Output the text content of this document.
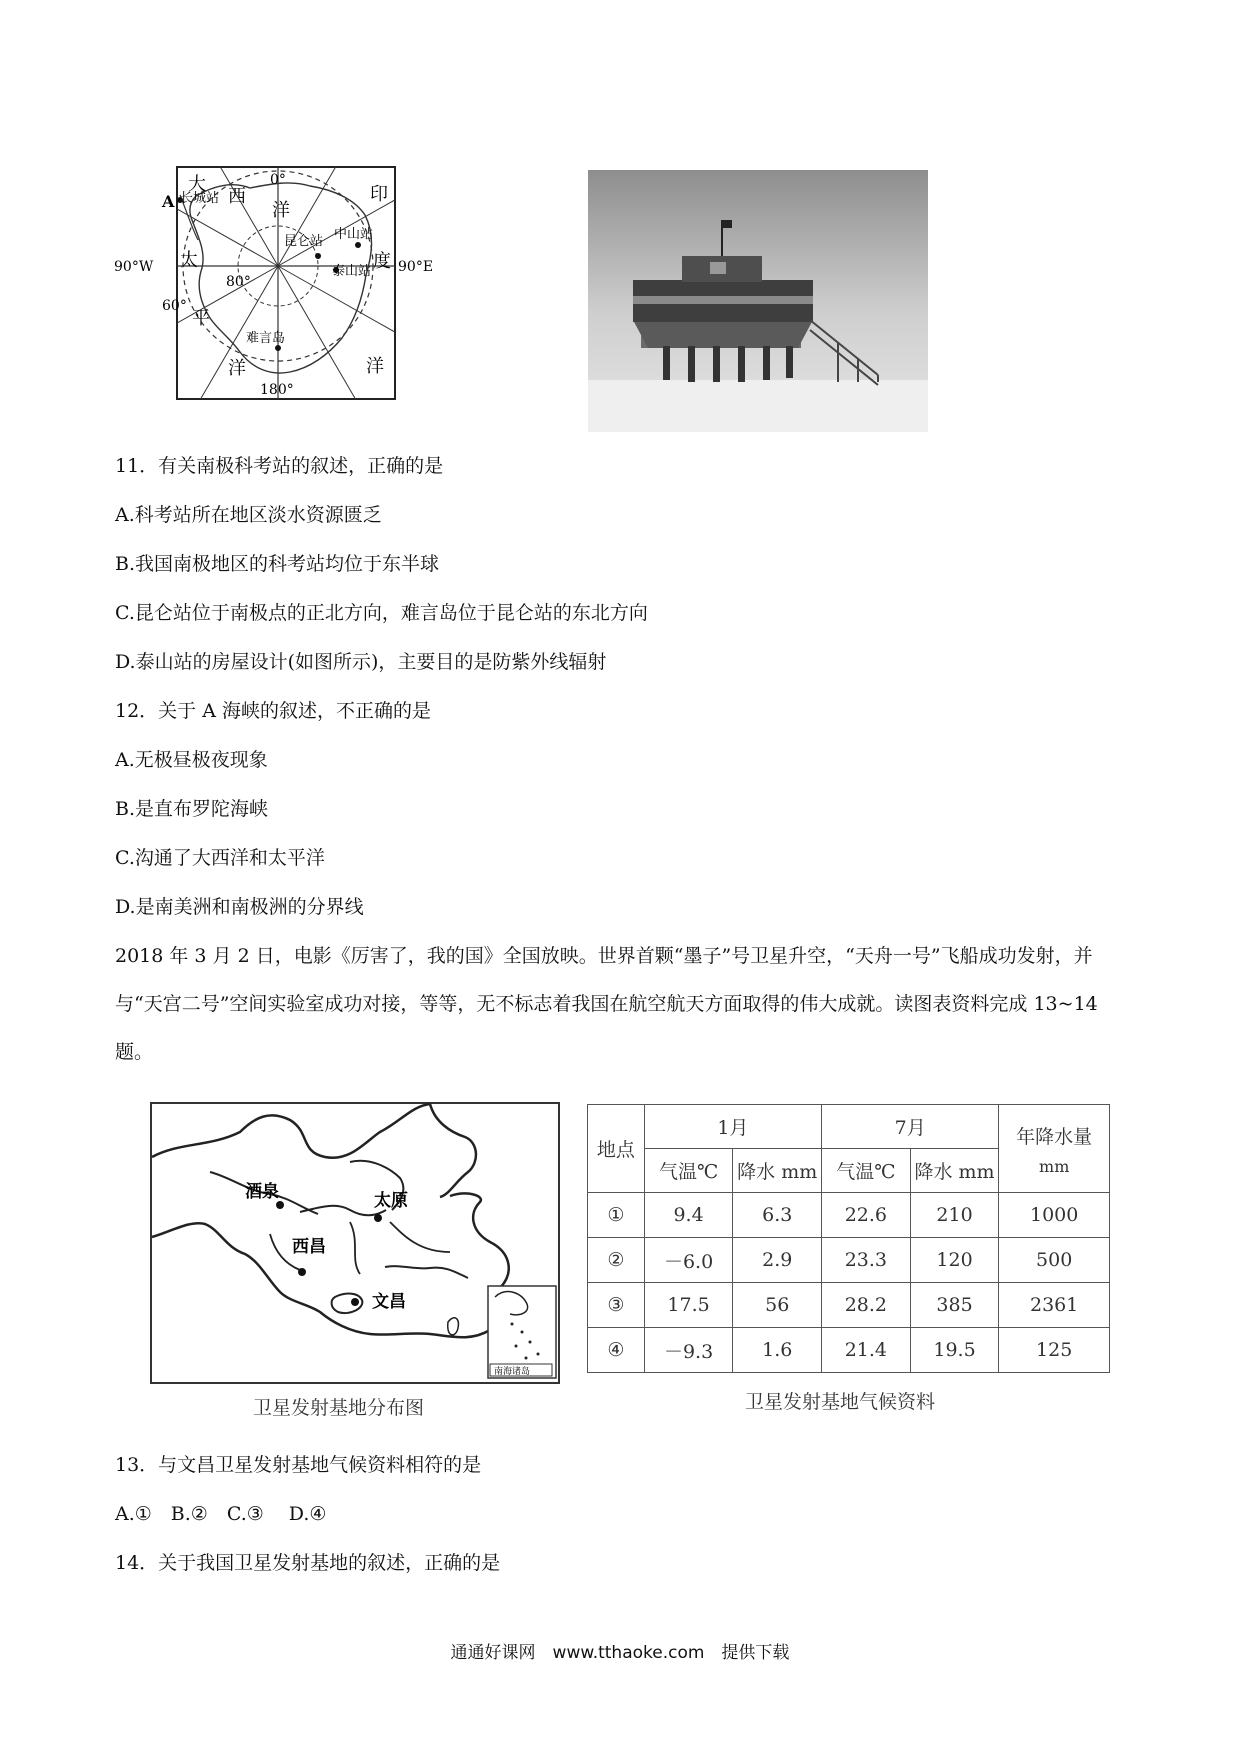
大
西
洋
印
度
洋
太
平
洋
0°
180°
90°W	90°E
80°
60°
A 长城站
昆仑站 中山站
泰山站
难言岛
11．有关南极科考站的叙述，正确的是
A.科考站所在地区淡水资源匮乏
B.我国南极地区的科考站均位于东半球
C.昆仑站位于南极点的正北方向，难言岛位于昆仑站的东北方向
D.泰山站的房屋设计(如图所示)，主要目的是防紫外线辐射
12．关于 A 海峡的叙述，不正确的是
A.无极昼极夜现象
B.是直布罗陀海峡
C.沟通了大西洋和太平洋
D.是南美洲和南极洲的分界线
2018 年 3 月 2 日，电影《厉害了，我的国》全国放映。世界首颗“墨子”号卫星升空，“天舟一号”飞船成功发射，并与“天宫二号”空间实验室成功对接，等等，无不标志着我国在航空航天方面取得的伟大成就。读图表资料完成 13~14 题。
南海诸岛
酒泉	太原
西昌
文昌
卫星发射基地分布图
地点	1月		7月		年降水量
mm

	气温℃	降水 mm	气温℃	降水 mm	
①	9.4	6.3	22.6	210	1000
②	－6.0	2.9	23.3	120	500
③	17.5	56	28.2	385	2361
④	－9.3	1.6	21.4	19.5	125
卫星发射基地气候资料
13．与文昌卫星发射基地气候资料相符的是
A.①　B.②　C.③　 D.④
14．关于我国卫星发射基地的叙述，正确的是
通通好课网　www.tthaoke.com　提供下载
